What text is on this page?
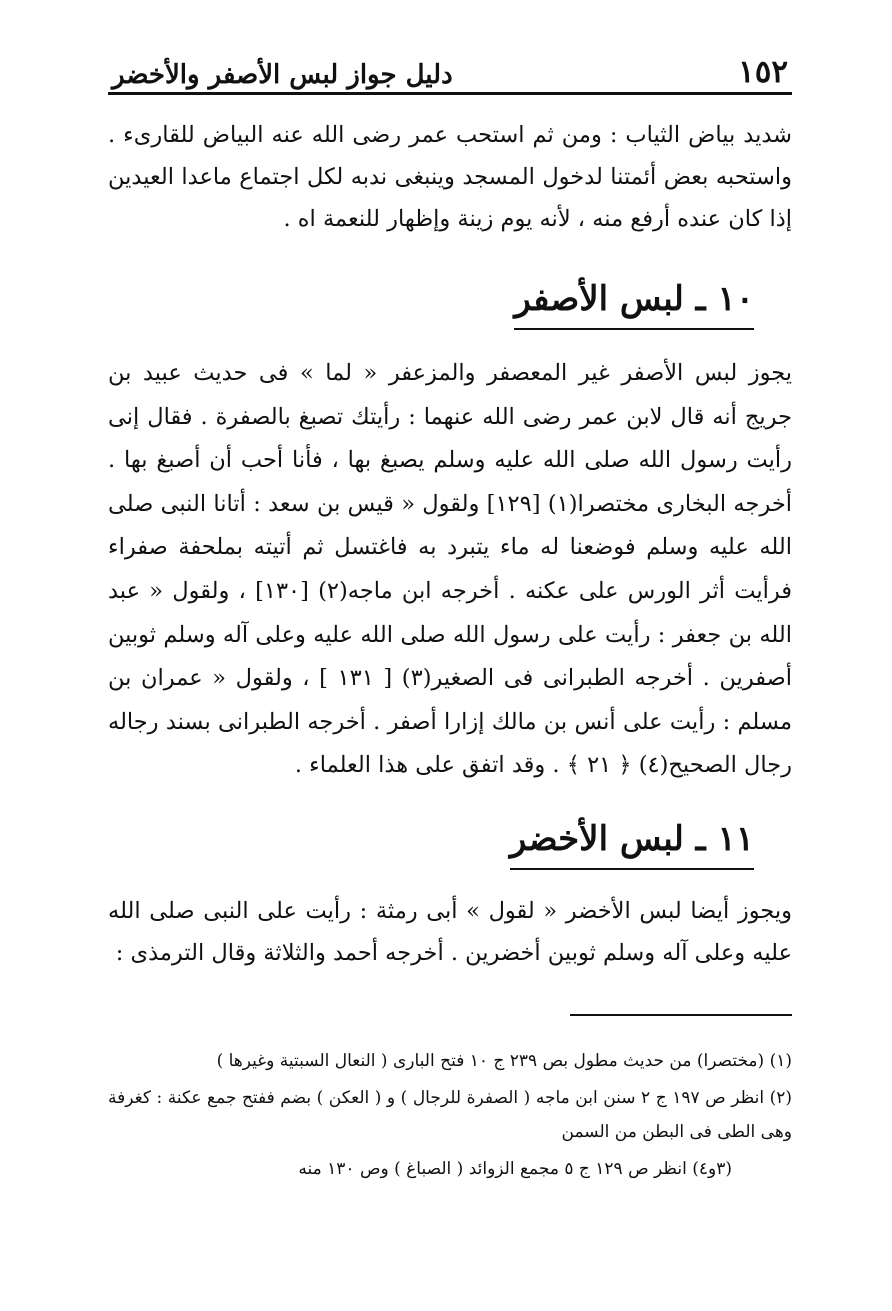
١٥٢
دليل جواز لبس الأصفر والأخضر

شديد بياض الثياب : ومن ثم استحب عمر رضى الله عنه البياض للقارىء . واستحبه بعض أئمتنا لدخول المسجد وينبغى ندبه لكل اجتماع ماعدا العيدين إذا كان عنده أرفع منه ، لأنه يوم زينة وإظهار للنعمة اه .

١٠ ـ لبس الأصفر

يجوز لبس الأصفر غير المعصفر والمزعفر « لما » فى حديث عبيد بن جريج أنه قال لابن عمر رضى الله عنهما : رأيتك تصبغ بالصفرة . فقال إنى رأيت رسول الله صلى الله عليه وسلم يصبغ بها ، فأنا أحب أن أصبغ بها . أخرجه البخارى مختصرا(١) [١٢٩] ولقول « قيس بن سعد : أتانا النبى صلى الله عليه وسلم فوضعنا له ماء يتبرد به فاغتسل ثم أتيته بملحفة صفراء فرأيت أثر الورس على عكنه . أخرجه ابن ماجه(٢) [١٣٠] ، ولقول « عبد الله بن جعفر : رأيت على رسول الله صلى الله عليه وعلى آله وسلم ثوبين أصفرين . أخرجه الطبرانى فى الصغير(٣) [ ١٣١ ] ، ولقول « عمران بن مسلم : رأيت على أنس بن مالك إزارا أصفر . أخرجه الطبرانى بسند رجاله رجال الصحيح(٤) ﴿ ٢١ ﴾ . وقد اتفق على هذا العلماء .

١١ ـ لبس الأخضر

ويجوز أيضا لبس الأخضر « لقول » أبى رمثة : رأيت على النبى صلى الله عليه وعلى آله وسلم ثوبين أخضرين . أخرجه أحمد والثلاثة وقال الترمذى :

(١) (مختصرا) من حديث مطول بص ٢٣٩ ج ١٠ فتح البارى ( النعال السبتية وغيرها )
(٢) انظر ص ١٩٧ ج ٢ سنن ابن ماجه ( الصفرة للرجال ) و ( العكن ) بضم ففتح جمع عكنة : كغرفة وهى الطى فى البطن من السمن
(٣و٤) انظر ص ١٢٩ ج ٥ مجمع الزوائد ( الصباغ ) وص ١٣٠ منه
